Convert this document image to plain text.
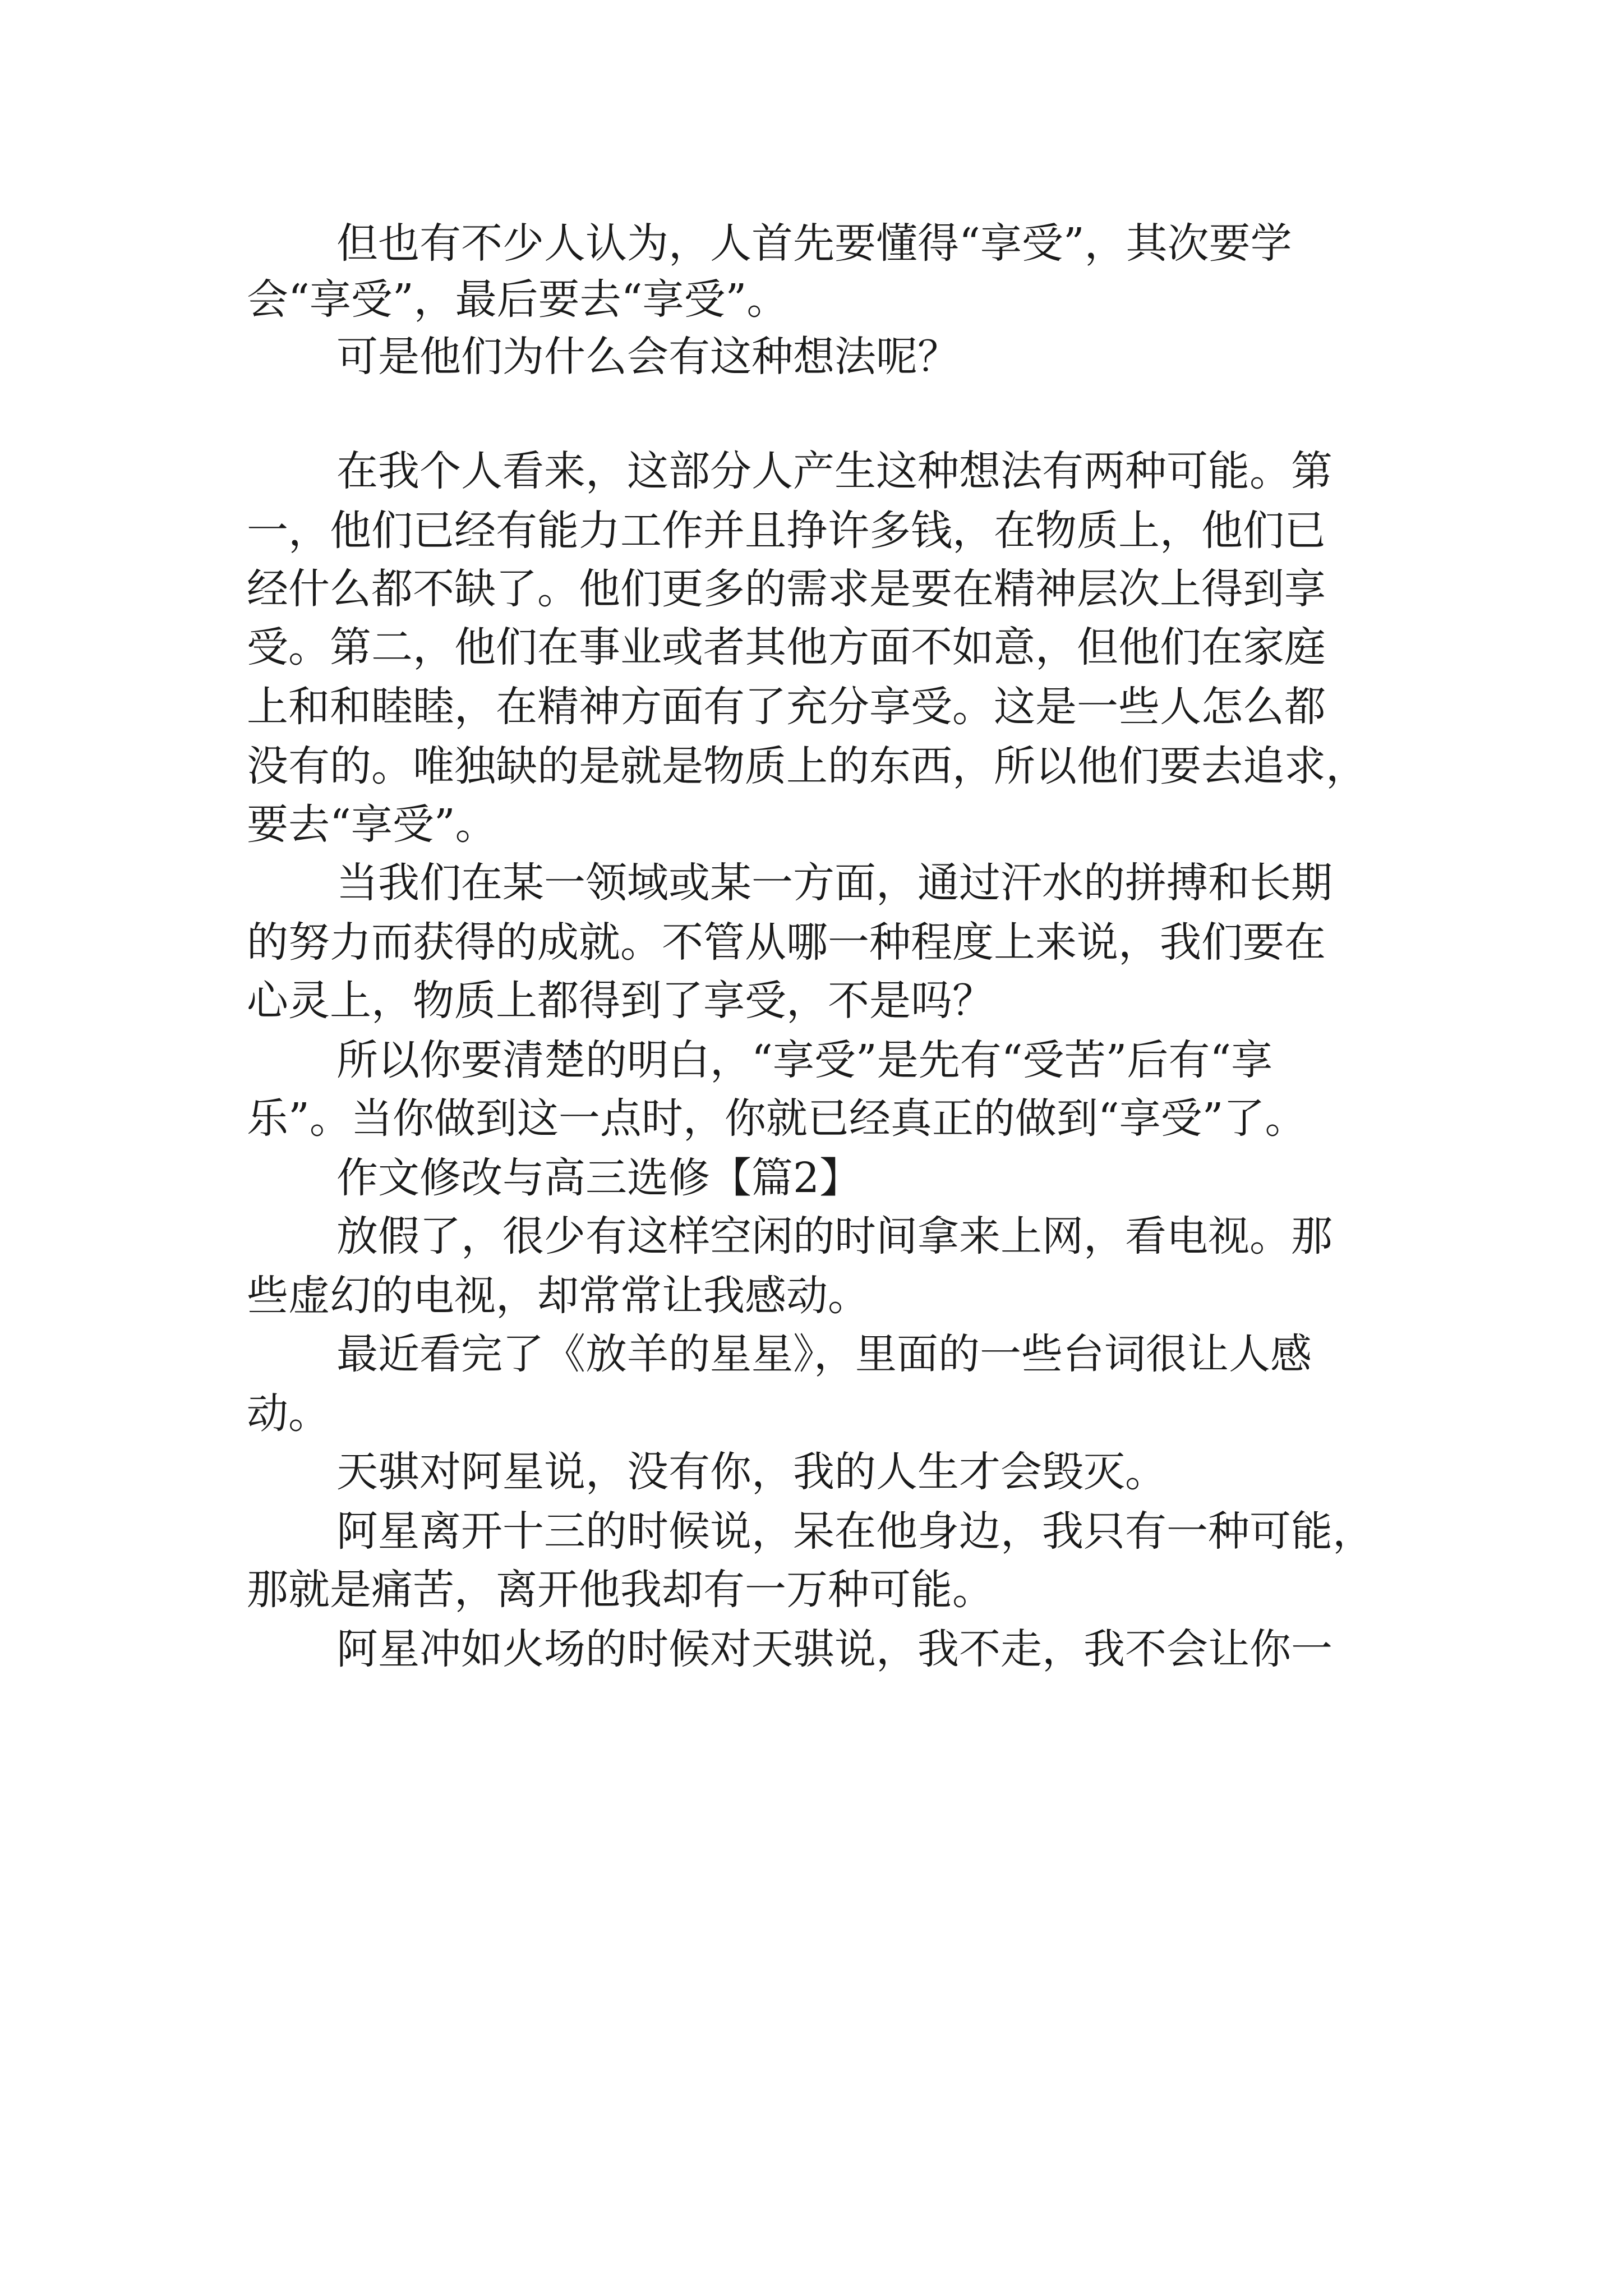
但也有不少人认为，人首先要懂得“享受”，其次要学
会“享受”，最后要去“享受”。
可是他们为什么会有这种想法呢？
在我个人看来，这部分人产生这种想法有两种可能。第
一，他们已经有能力工作并且挣许多钱，在物质上，他们已
经什么都不缺了。他们更多的需求是要在精神层次上得到享
受。第二，他们在事业或者其他方面不如意，但他们在家庭
上和和睦睦，在精神方面有了充分享受。这是一些人怎么都
没有的。唯独缺的是就是物质上的东西，所以他们要去追求，
要去“享受”。
当我们在某一领域或某一方面，通过汗水的拼搏和长期
的努力而获得的成就。不管从哪一种程度上来说，我们要在
心灵上，物质上都得到了享受，不是吗？
所以你要清楚的明白，“享受”是先有“受苦”后有“享
乐”。当你做到这一点时，你就已经真正的做到“享受”了。
作文修改与高三选修【篇2】
放假了，很少有这样空闲的时间拿来上网，看电视。那
些虚幻的电视，却常常让我感动。
最近看完了《放羊的星星》，里面的一些台词很让人感
动。
天骐对阿星说，没有你，我的人生才会毁灭。
阿星离开十三的时候说，呆在他身边，我只有一种可能，
那就是痛苦，离开他我却有一万种可能。
阿星冲如火场的时候对天骐说，我不走，我不会让你一
